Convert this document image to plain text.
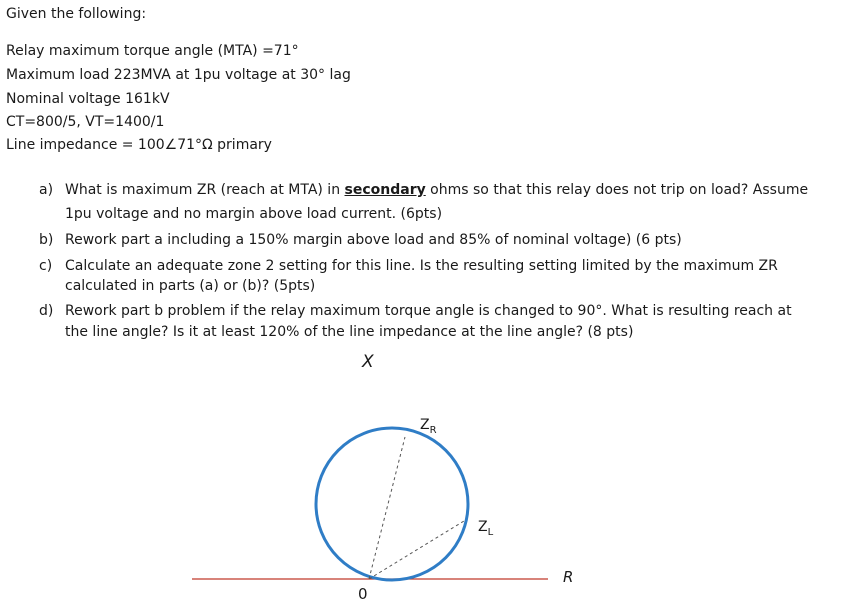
Given the following:
Relay maximum torque angle (MTA) =71°
Maximum load 223MVA at 1pu voltage at 30° lag
Nominal voltage 161kV
CT=800/5, VT=1400/1
Line impedance = 100∠71°Ω primary
a) What is maximum ZR (reach at MTA) in secondary ohms so that this relay does not trip on load? Assume
1pu voltage and no margin above load current. (6pts)
b) Rework part a including a 150% margin above load and 85% of nominal voltage) (6 pts)
c) Calculate an adequate zone 2 setting for this line. Is the resulting setting limited by the maximum ZR
calculated in parts (a) or (b)? (5pts)
d) Rework part b problem if the relay maximum torque angle is changed to 90°. What is resulting reach at
the line angle? Is it at least 120% of the line impedance at the line angle? (8 pts)
X
$Z_R$
$Z_L$
R
0
